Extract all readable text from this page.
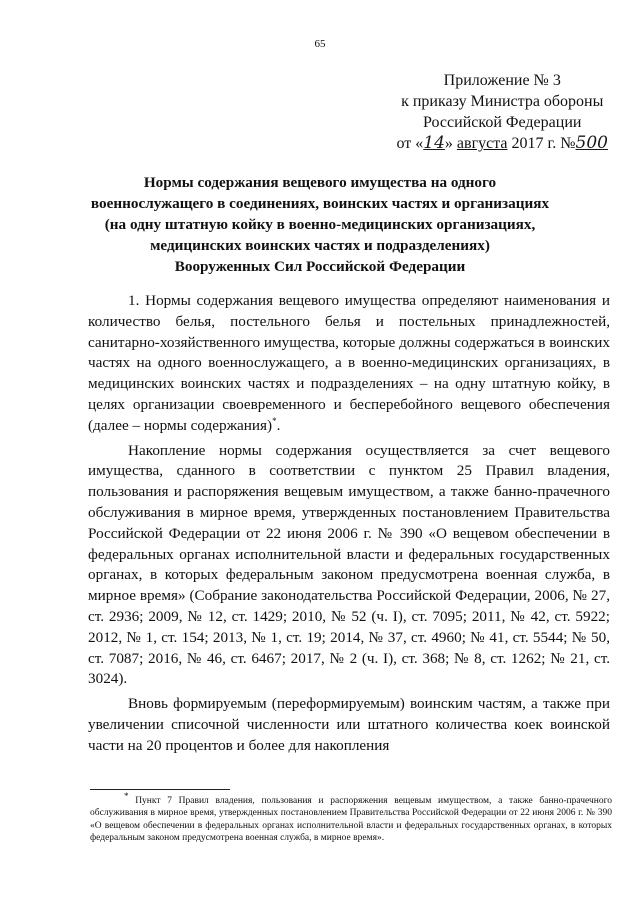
65
Приложение № 3
к приказу Министра обороны
Российской Федерации
от «14» августа 2017 г. №500
Нормы содержания вещевого имущества на одного
военнослужащего в соединениях, воинских частях и организациях
(на одну штатную койку в военно-медицинских организациях,
медицинских воинских частях и подразделениях)
Вооруженных Сил Российской Федерации

1. Нормы содержания вещевого имущества определяют наименования и количество белья, постельного белья и постельных принадлежностей, санитарно-хозяйственного имущества, которые должны содержаться в воинских частях на одного военнослужащего, а в военно-медицинских организациях, в медицинских воинских частях и подразделениях – на одну штатную койку, в целях организации своевременного и бесперебойного вещевого обеспечения (далее – нормы содержания)*.

Накопление нормы содержания осуществляется за счет вещевого имущества, сданного в соответствии с пунктом 25 Правил владения, пользования и распоряжения вещевым имуществом, а также банно-прачечного обслуживания в мирное время, утвержденных постановлением Правительства Российской Федерации от 22 июня 2006 г. № 390 «О вещевом обеспечении в федеральных органах исполнительной власти и федеральных государственных органах, в которых федеральным законом предусмотрена военная служба, в мирное время» (Собрание законодательства Российской Федерации, 2006, № 27, ст. 2936; 2009, № 12, ст. 1429; 2010, № 52 (ч. I), ст. 7095; 2011, № 42, ст. 5922; 2012, № 1, ст. 154; 2013, № 1, ст. 19; 2014, № 37, ст. 4960; № 41, ст. 5544; № 50, ст. 7087; 2016, № 46, ст. 6467; 2017, № 2 (ч. I), ст. 368; № 8, ст. 1262; № 21, ст. 3024).

Вновь формируемым (переформируемым) воинским частям, а также при увеличении списочной численности или штатного количества коек воинской части на 20 процентов и более для накопления

* Пункт 7 Правил владения, пользования и распоряжения вещевым имуществом, а также банно-прачечного обслуживания в мирное время, утвержденных постановлением Правительства Российской Федерации от 22 июня 2006 г. № 390 «О вещевом обеспечении в федеральных органах исполнительной власти и федеральных государственных органах, в которых федеральным законом предусмотрена военная служба, в мирное время».
